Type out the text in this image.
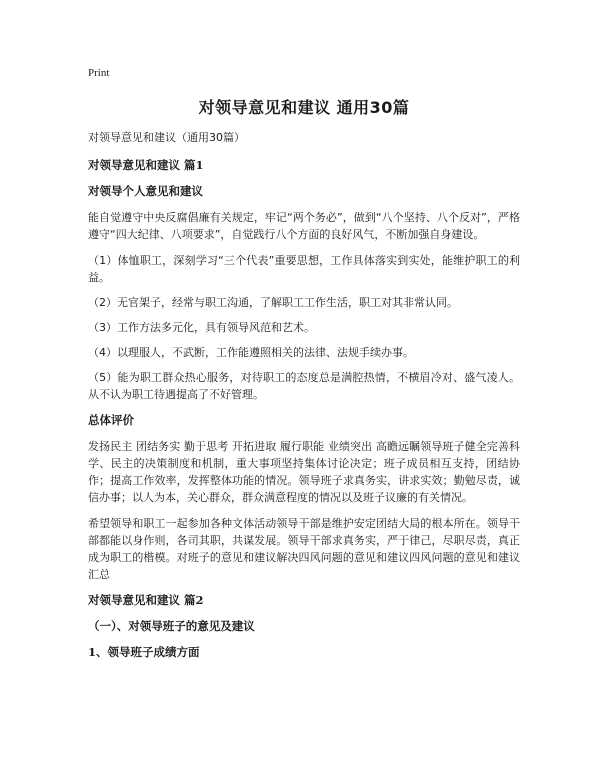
Print
对领导意见和建议 通用30篇
对领导意见和建议（通用30篇）
对领导意见和建议 篇1
对领导个人意见和建议
能自觉遵守中央反腐倡廉有关规定，牢记“两个务必”，做到“八个坚持、八个反对”，严格遵守“四大纪律、八项要求”，自觉践行八个方面的良好风气，不断加强自身建设。
（1）体恤职工，深刻学习“三个代表”重要思想，工作具体落实到实处，能维护职工的利益。
（2）无官架子，经常与职工沟通，了解职工工作生活，职工对其非常认同。
（3）工作方法多元化，具有领导风范和艺术。
（4）以理服人，不武断，工作能遵照相关的法律、法规手续办事。
（5）能为职工群众热心服务，对待职工的态度总是满腔热情，不横眉冷对、盛气凌人。从不认为职工待遇提高了不好管理。
总体评价
发扬民主 团结务实 勤于思考 开拓进取 履行职能 业绩突出 高瞻远瞩领导班子健全完善科学、民主的决策制度和机制，重大事项坚持集体讨论决定；班子成员相互支持，团结协作；提高工作效率，发挥整体功能的情况。领导班子求真务实，讲求实效；勤勉尽责，诚信办事；以人为本，关心群众，群众满意程度的情况以及班子议廉的有关情况。
希望领导和职工一起参加各种文体活动领导干部是维护安定团结大局的根本所在。领导干部都能以身作则，各司其职，共谋发展。领导干部求真务实，严于律己，尽职尽责，真正成为职工的楷模。对班子的意见和建议解决四风问题的意见和建议四风问题的意见和建议汇总
对领导意见和建议 篇2
（一）、对领导班子的意见及建议
1、领导班子成绩方面
